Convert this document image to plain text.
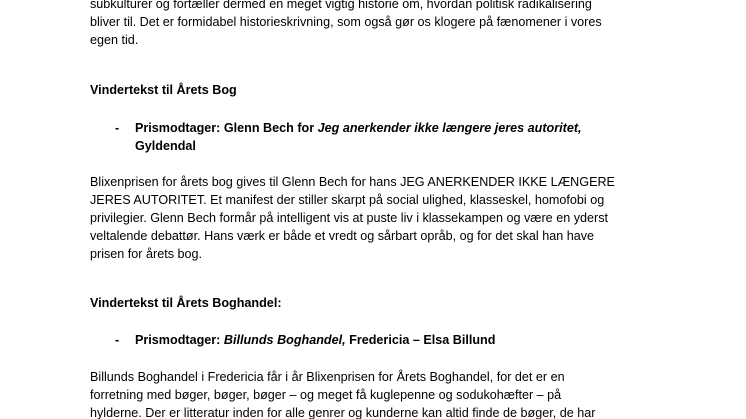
subkulturer og fortæller dermed en meget vigtig historie om, hvordan politisk radikalisering
bliver til. Det er formidabel historieskrivning, som også gør os klogere på fænomener i vores
egen tid.

Vindertekst til Årets Bog

- Prismodtager: Glenn Bech for Jeg anerkender ikke længere jeres autoritet,
Gyldendal
Blixenprisen for årets bog gives til Glenn Bech for hans JEG ANERKENDER IKKE LÆNGERE
JERES AUTORITET. Et manifest der stiller skarpt på social ulighed, klasseskel, homofobi og
privilegier. Glenn Bech formår på intelligent vis at puste liv i klassekampen og være en yderst
veltalende debattør. Hans værk er både et vredt og sårbart opråb, og for det skal han have
prisen for årets bog.

Vindertekst til Årets Boghandel:

- Prismodtager: Billunds Boghandel, Fredericia – Elsa Billund
Billunds Boghandel i Fredericia får i år Blixenprisen for Årets Boghandel, for det er en
forretning med bøger, bøger, bøger – og meget få kuglepenne og sodukohæfter – på
hylderne. Der er litteratur inden for alle genrer og kunderne kan altid finde de bøger, de har
